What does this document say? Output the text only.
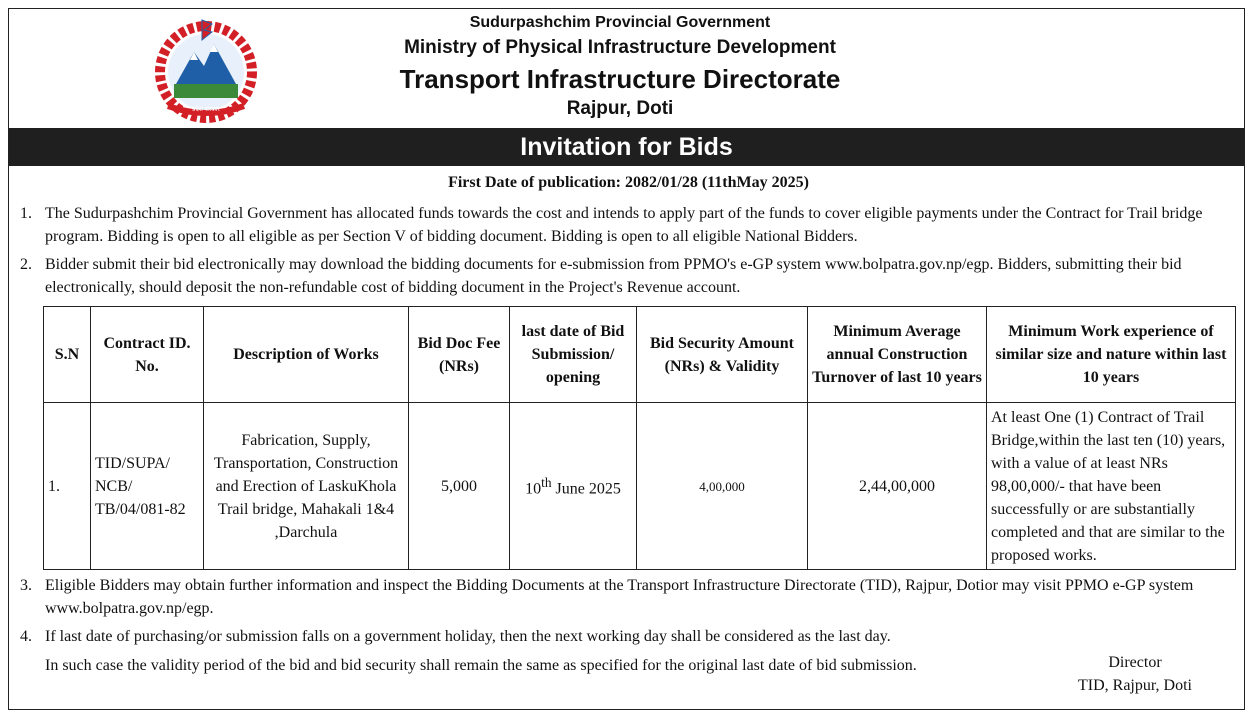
प्रदेश सरकार
Sudurpashchim Provincial Government
Ministry of Physical Infrastructure Development
Transport Infrastructure Directorate
Rajpur, Doti
Invitation for Bids
First Date of publication: 2082/01/28 (11thMay 2025)
1. The Sudurpashchim Provincial Government has allocated funds towards the cost and intends to apply part of the funds to cover eligible payments under the Contract for Trail bridge program. Bidding is open to all eligible as per Section V of bidding document. Bidding is open to all eligible National Bidders.
2. Bidder submit their bid electronically may download the bidding documents for e-submission from PPMO's e-GP system www.bolpatra.gov.np/egp. Bidders, submitting their bid electronically, should deposit the non-refundable cost of bidding document in the Project's Revenue account.
S.N	Contract ID. No.	Description of Works	Bid Doc Fee (NRs)	last date of Bid Submission/ opening	Bid Security Amount (NRs) & Validity	Minimum Average annual Construction Turnover of last 10 years	Minimum Work experience of similar size and nature within last 10 years
1.	TID/SUPA/ NCB/ TB/04/081-82	Fabrication, Supply, Transportation, Construction and Erection of LaskuKhola Trail bridge, Mahakali 1&4 ,Darchula	5,000	10th June 2025	4,00,000	2,44,00,000	At least One (1) Contract of Trail Bridge,within the last ten (10) years, with a value of at least NRs 98,00,000/- that have been successfully or are substantially completed and that are similar to the proposed works.
3. Eligible Bidders may obtain further information and inspect the Bidding Documents at the Transport Infrastructure Directorate (TID), Rajpur, Dotior may visit PPMO e-GP system www.bolpatra.gov.np/egp.
4. If last date of purchasing/or submission falls on a government holiday, then the next working day shall be considered as the last day.
In such case the validity period of the bid and bid security shall remain the same as specified for the original last date of bid submission.	Director
TID, Rajpur, Doti
